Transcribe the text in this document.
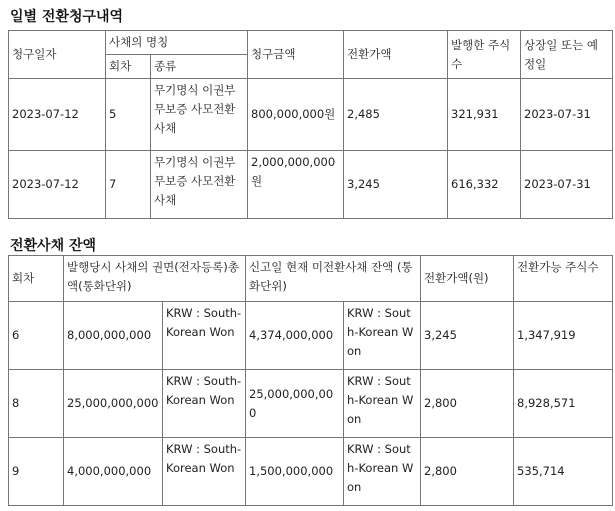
일별 전환청구내역
청구일자	사채의 명칭		청구금액	전환가액	발행한 주식수	상장일 또는 예정일
	회차	종류				
2023-07-12	5	무기명식 이권부 무보증 사모전환사채	800,000,000원	2,485	321,931	2023-07-31
2023-07-12	7	무기명식 이권부 무보증 사모전환사채	2,000,000,000원	3,245	616,332	2023-07-31
전환사채 잔액
회차	발행당시 사채의 권면(전자등록)총액(통화단위)		신고일 현재 미전환사채 잔액 (통화단위)		전환가액(원)	전환가능 주식수
6	8,000,000,000	KRW : South-Korean Won	4,374,000,000	KRW : South-Korean Won	3,245	1,347,919
8	25,000,000,000	KRW : South-Korean Won	25,000,000,000	KRW : South-Korean Won	2,800	8,928,571
9	4,000,000,000	KRW : South-Korean Won	1,500,000,000	KRW : South-Korean Won	2,800	535,714
